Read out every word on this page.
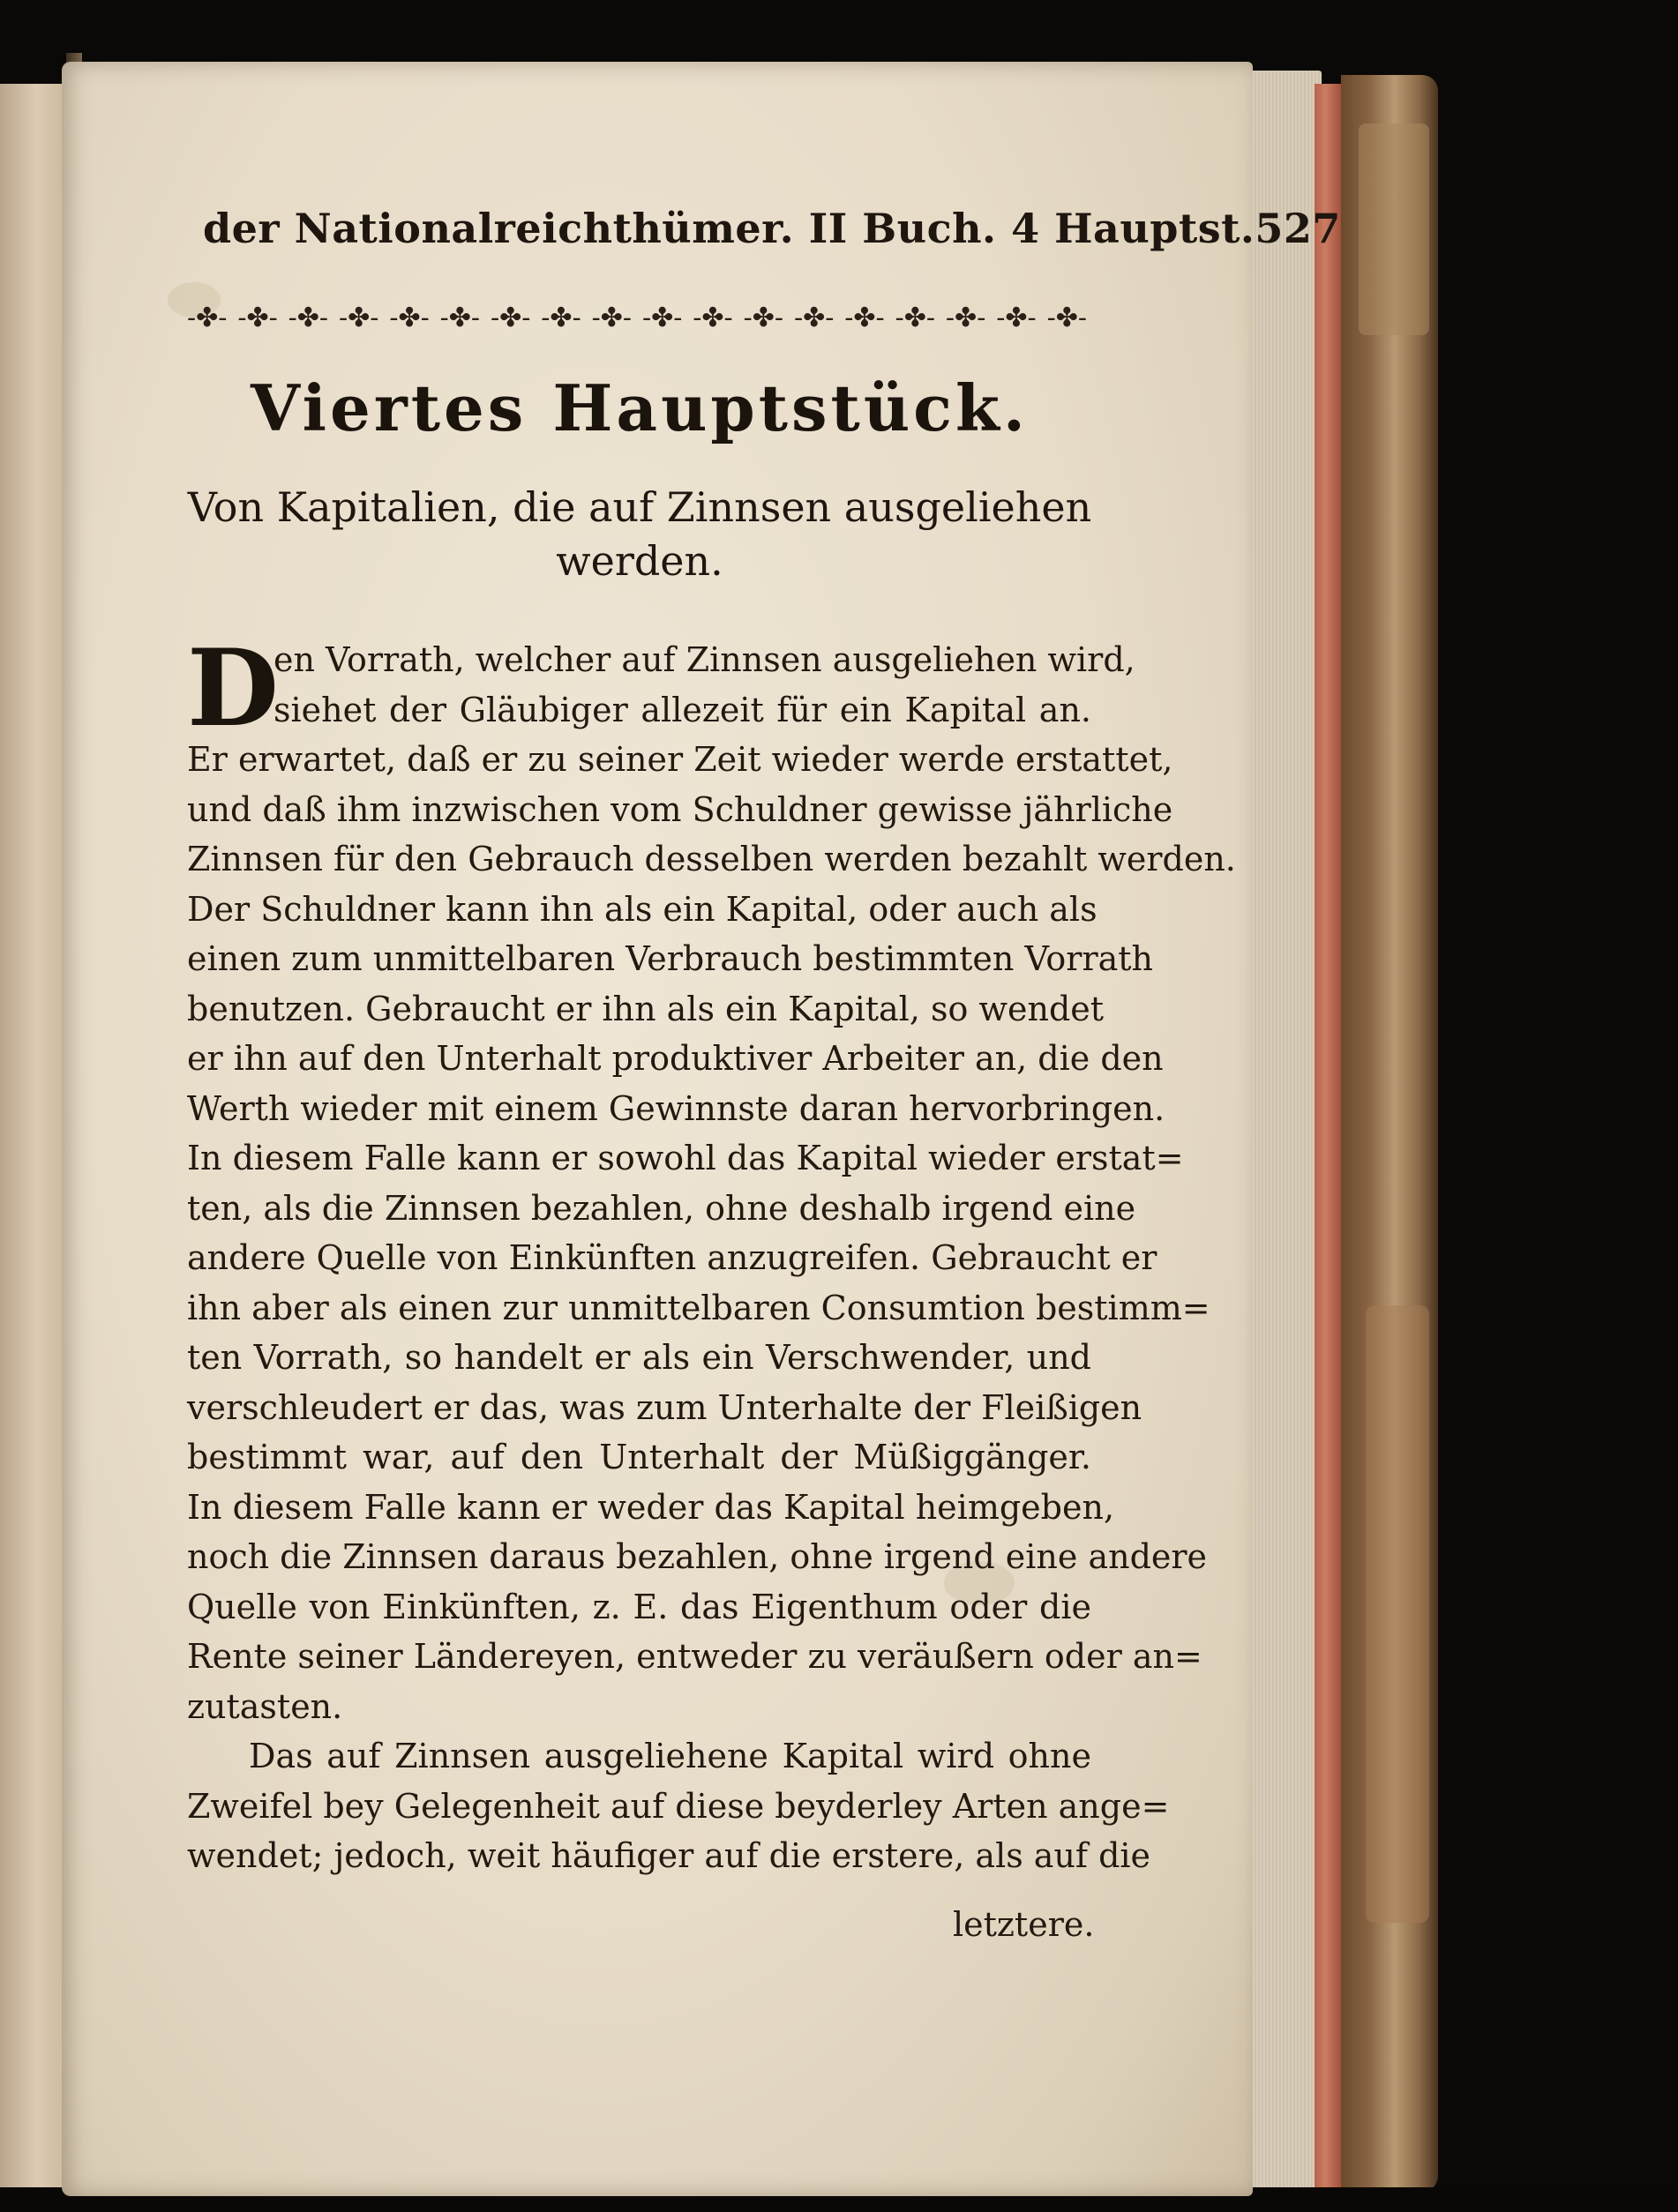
der Nationalreichthümer. II Buch. 4 Hauptst. 527
-✤- -✤- -✤- -✤- -✤- -✤- -✤- -✤- -✤- -✤- -✤- -✤- -✤- -✤- -✤- -✤- -✤- -✤-
Viertes Hauptstück.
Von Kapitalien, die auf Zinnsen ausgeliehen werden.
D
en Vorrath, welcher auf Zinnsen ausgeliehen wird,
siehet der Gläubiger allezeit für ein Kapital an.
Er erwartet, daß er zu seiner Zeit wieder werde erstattet,
und daß ihm inzwischen vom Schuldner gewisse jährliche
Zinnsen für den Gebrauch desselben werden bezahlt werden.
Der Schuldner kann ihn als ein Kapital, oder auch als
einen zum unmittelbaren Verbrauch bestimmten Vorrath
benutzen. Gebraucht er ihn als ein Kapital, so wendet
er ihn auf den Unterhalt produktiver Arbeiter an, die den
Werth wieder mit einem Gewinnste daran hervorbringen.
In diesem Falle kann er sowohl das Kapital wieder erstat=
ten, als die Zinnsen bezahlen, ohne deshalb irgend eine
andere Quelle von Einkünften anzugreifen. Gebraucht er
ihn aber als einen zur unmittelbaren Consumtion bestimm=
ten Vorrath, so handelt er als ein Verschwender, und
verschleudert er das, was zum Unterhalte der Fleißigen
bestimmt war, auf den Unterhalt der Müßiggänger.
In diesem Falle kann er weder das Kapital heimgeben,
noch die Zinnsen daraus bezahlen, ohne irgend eine andere
Quelle von Einkünften, z. E. das Eigenthum oder die
Rente seiner Ländereyen, entweder zu veräußern oder an=
zutasten.
Das auf Zinnsen ausgeliehene Kapital wird ohne
Zweifel bey Gelegenheit auf diese beyderley Arten ange=
wendet; jedoch, weit häufiger auf die erstere, als auf die
letztere.
